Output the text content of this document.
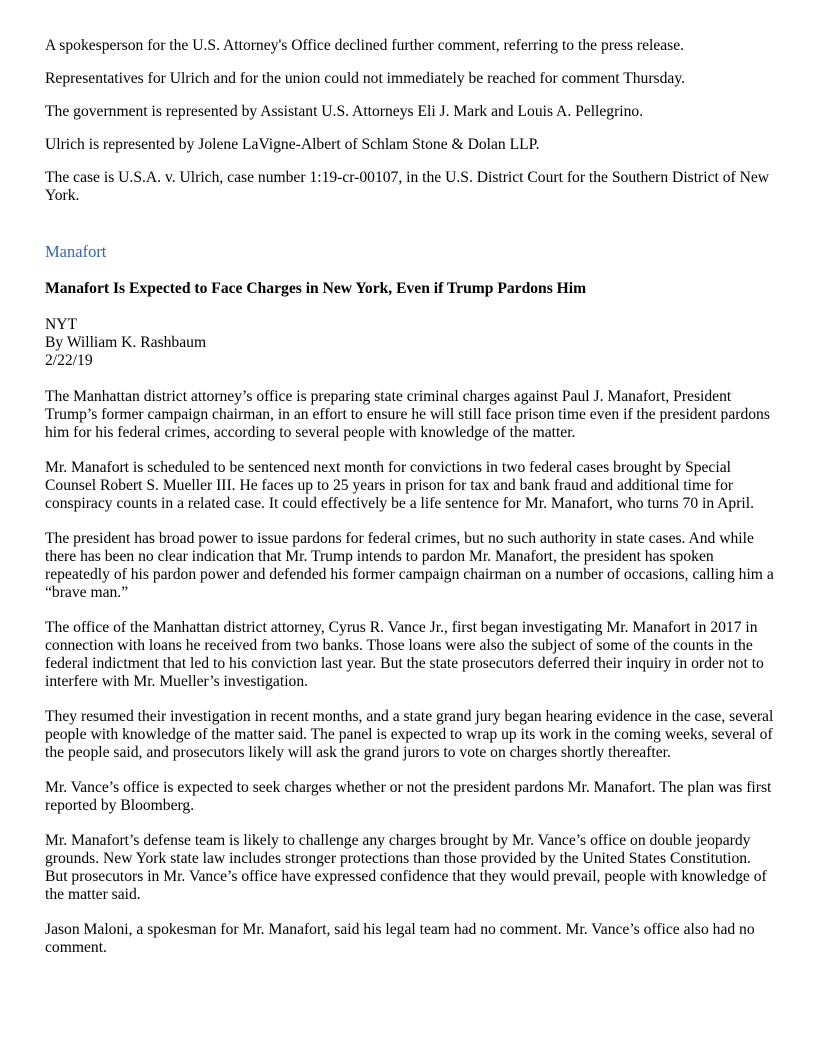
A spokesperson for the U.S. Attorney's Office declined further comment, referring to the press release.

Representatives for Ulrich and for the union could not immediately be reached for comment Thursday.

The government is represented by Assistant U.S. Attorneys Eli J. Mark and Louis A. Pellegrino.

Ulrich is represented by Jolene LaVigne-Albert of Schlam Stone & Dolan LLP.

The case is U.S.A. v. Ulrich, case number 1:19-cr-00107, in the U.S. District Court for the Southern District of New York.

Manafort

Manafort Is Expected to Face Charges in New York, Even if Trump Pardons Him

NYT
By William K. Rashbaum
2/22/19

The Manhattan district attorney’s office is preparing state criminal charges against Paul J. Manafort, President Trump’s former campaign chairman, in an effort to ensure he will still face prison time even if the president pardons him for his federal crimes, according to several people with knowledge of the matter.

Mr. Manafort is scheduled to be sentenced next month for convictions in two federal cases brought by Special Counsel Robert S. Mueller III. He faces up to 25 years in prison for tax and bank fraud and additional time for conspiracy counts in a related case. It could effectively be a life sentence for Mr. Manafort, who turns 70 in April.

The president has broad power to issue pardons for federal crimes, but no such authority in state cases. And while there has been no clear indication that Mr. Trump intends to pardon Mr. Manafort, the president has spoken repeatedly of his pardon power and defended his former campaign chairman on a number of occasions, calling him a “brave man.”

The office of the Manhattan district attorney, Cyrus R. Vance Jr., first began investigating Mr. Manafort in 2017 in connection with loans he received from two banks. Those loans were also the subject of some of the counts in the federal indictment that led to his conviction last year. But the state prosecutors deferred their inquiry in order not to interfere with Mr. Mueller’s investigation.

They resumed their investigation in recent months, and a state grand jury began hearing evidence in the case, several people with knowledge of the matter said. The panel is expected to wrap up its work in the coming weeks, several of the people said, and prosecutors likely will ask the grand jurors to vote on charges shortly thereafter.

Mr. Vance’s office is expected to seek charges whether or not the president pardons Mr. Manafort. The plan was first reported by Bloomberg.

Mr. Manafort’s defense team is likely to challenge any charges brought by Mr. Vance’s office on double jeopardy grounds. New York state law includes stronger protections than those provided by the United States Constitution. But prosecutors in Mr. Vance’s office have expressed confidence that they would prevail, people with knowledge of the matter said.

Jason Maloni, a spokesman for Mr. Manafort, said his legal team had no comment. Mr. Vance’s office also had no comment.
